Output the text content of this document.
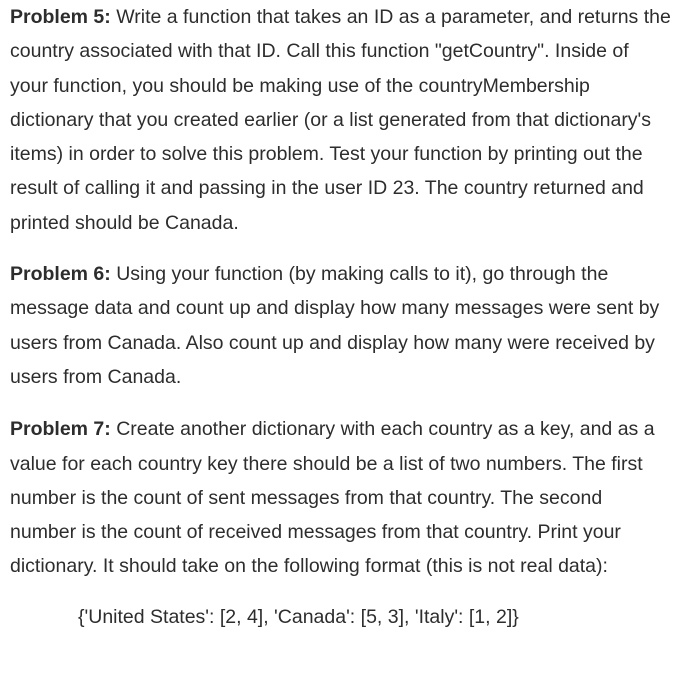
Problem 5: Write a function that takes an ID as a parameter, and returns the country associated with that ID. Call this function "getCountry". Inside of your function, you should be making use of the countryMembership dictionary that you created earlier (or a list generated from that dictionary's items) in order to solve this problem. Test your function by printing out the result of calling it and passing in the user ID 23. The country returned and printed should be Canada.

Problem 6: Using your function (by making calls to it), go through the message data and count up and display how many messages were sent by users from Canada. Also count up and display how many were received by users from Canada.

Problem 7: Create another dictionary with each country as a key, and as a value for each country key there should be a list of two numbers. The first number is the count of sent messages from that country. The second number is the count of received messages from that country. Print your dictionary. It should take on the following format (this is not real data):

{'United States': [2, 4], 'Canada': [5, 3], 'Italy': [1, 2]}
